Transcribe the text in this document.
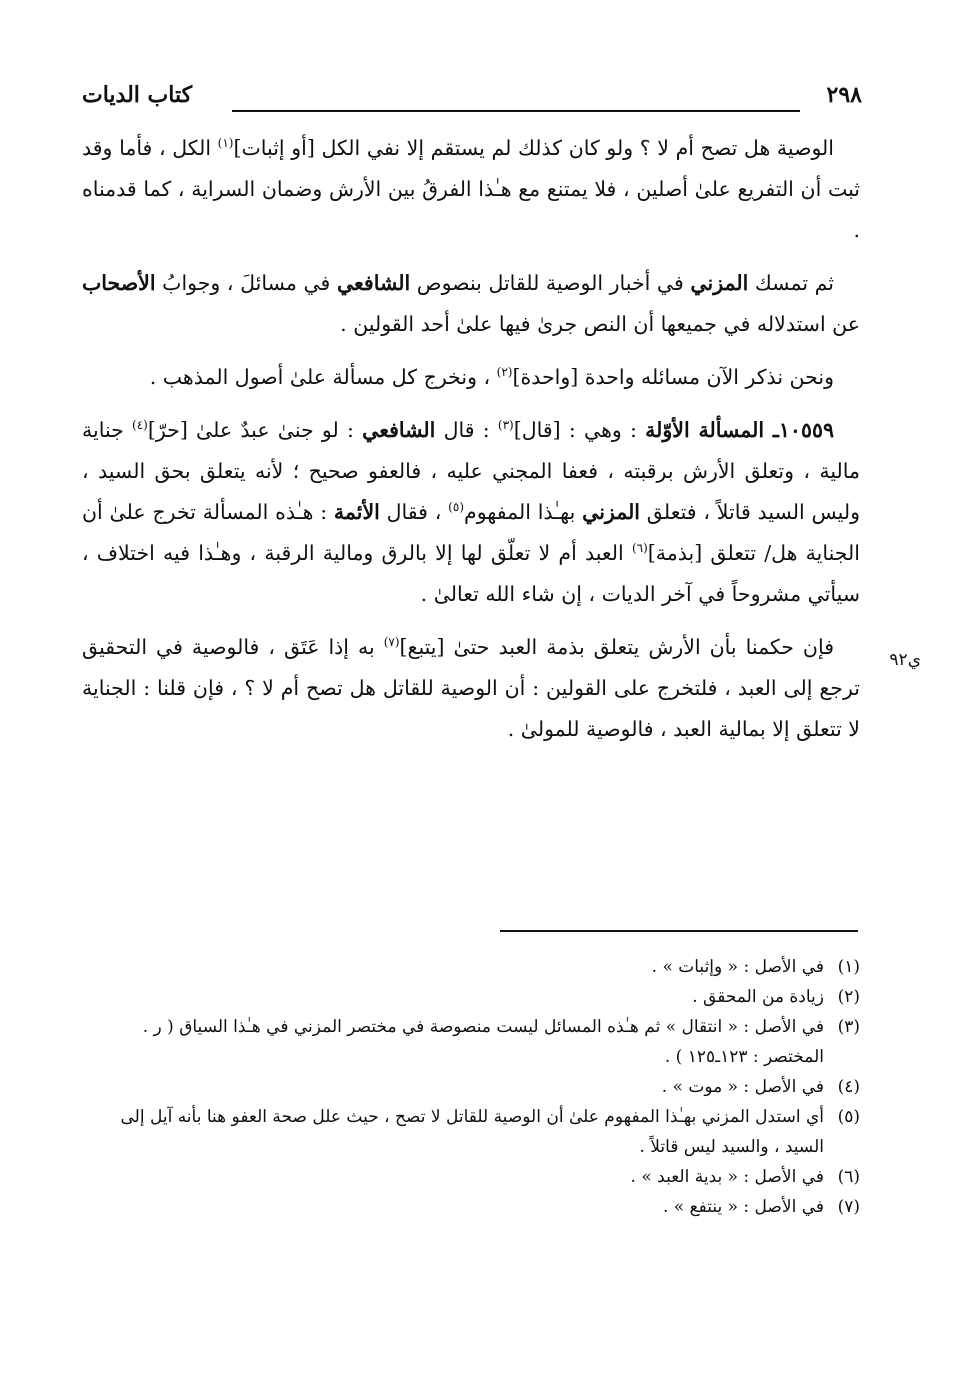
٢٩٨
كتاب الديات
ي٩٢

الوصية هل تصح أم لا ؟ ولو كان كذلك لم يستقم إلا نفي الكل [أو إثبات]$^{(١)}$ الكل ، فأما وقد ثبت أن التفريع علىٰ أصلين ، فلا يمتنع مع هـٰذا الفرقُ بين الأرش وضمان السراية ، كما قدمناه .

ثم تمسك المزني في أخبار الوصية للقاتل بنصوص الشافعي في مسائلَ ، وجوابُ الأصحاب عن استدلاله في جميعها أن النص جرىٰ فيها علىٰ أحد القولين .

ونحن نذكر الآن مسائله واحدة [واحدة]$^{(٢)}$ ، ونخرج كل مسألة علىٰ أصول المذهب .

١٠٥٥٩ـ المسألة الأوّلة : وهي : [قال]$^{(٣)}$ : قال الشافعي : لو جنىٰ عبدٌ علىٰ [حرّ]$^{(٤)}$ جناية مالية ، وتعلق الأرش برقبته ، فعفا المجني عليه ، فالعفو صحيح ؛ لأنه يتعلق بحق السيد ، وليس السيد قاتلاً ، فتعلق المزني بهـٰذا المفهوم$^{(٥)}$ ، فقال الأئمة : هـٰذه المسألة تخرج علىٰ أن الجناية هل/ تتعلق [بذمة]$^{(٦)}$ العبد أم لا تعلّق لها إلا بالرق ومالية الرقبة ، وهـٰذا فيه اختلاف ، سيأتي مشروحاً في آخر الديات ، إن شاء الله تعالىٰ .

فإن حكمنا بأن الأرش يتعلق بذمة العبد حتىٰ [يتبع]$^{(٧)}$ به إذا عَتَق ، فالوصية في التحقيق ترجع إلى العبد ، فلتخرج على القولين : أن الوصية للقاتل هل تصح أم لا ؟ ، فإن قلنا : الجناية لا تتعلق إلا بمالية العبد ، فالوصية للمولىٰ .

(١)
في الأصل : « وإثبات » .
(٢)
زيادة من المحقق .
(٣)
في الأصل : « انتقال » ثم هـٰذه المسائل ليست منصوصة في مختصر المزني في هـٰذا السياق ( ر . المختصر : ١٢٣ـ١٢٥ ) .
(٤)
في الأصل : « موت » .
(٥)
أي استدل المزني بهـٰذا المفهوم علىٰ أن الوصية للقاتل لا تصح ، حيث علل صحة العفو هنا بأنه آيل إلى السيد ، والسيد ليس قاتلاً .
(٦)
في الأصل : « بدية العبد » .
(٧)
في الأصل : « ينتفع » .
